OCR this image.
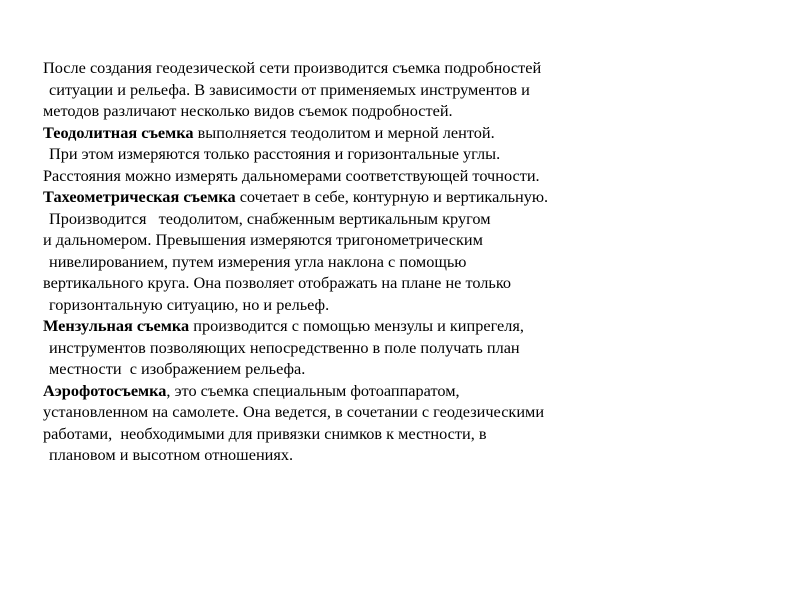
После создания геодезической сети производится съемка подробностей
ситуации и рельефа. В зависимости от применяемых инструментов и
методов различают несколько видов съемок подробностей.
Теодолитная съемка выполняется теодолитом и мерной лентой.
При этом измеряются только расстояния и горизонтальные углы.
Расстояния можно измерять дальномерами соответствующей точности.
Тахеометрическая съемка сочетает в себе, контурную и вертикальную.
Производится   теодолитом, снабженным вертикальным кругом
и дальномером. Превышения измеряются тригонометрическим
нивелированием, путем измерения угла наклона с помощью
вертикального круга. Она позволяет отображать на плане не только
горизонтальную ситуацию, но и рельеф.
Мензульная съемка производится с помощью мензулы и кипрегеля,
инструментов позволяющих непосредственно в поле получать план
местности  с изображением рельефа.
Аэрофотосъемка, это съемка специальным фотоаппаратом,
установленном на самолете. Она ведется, в сочетании с геодезическими
работами,  необходимыми для привязки снимков к местности, в
плановом и высотном отношениях.
